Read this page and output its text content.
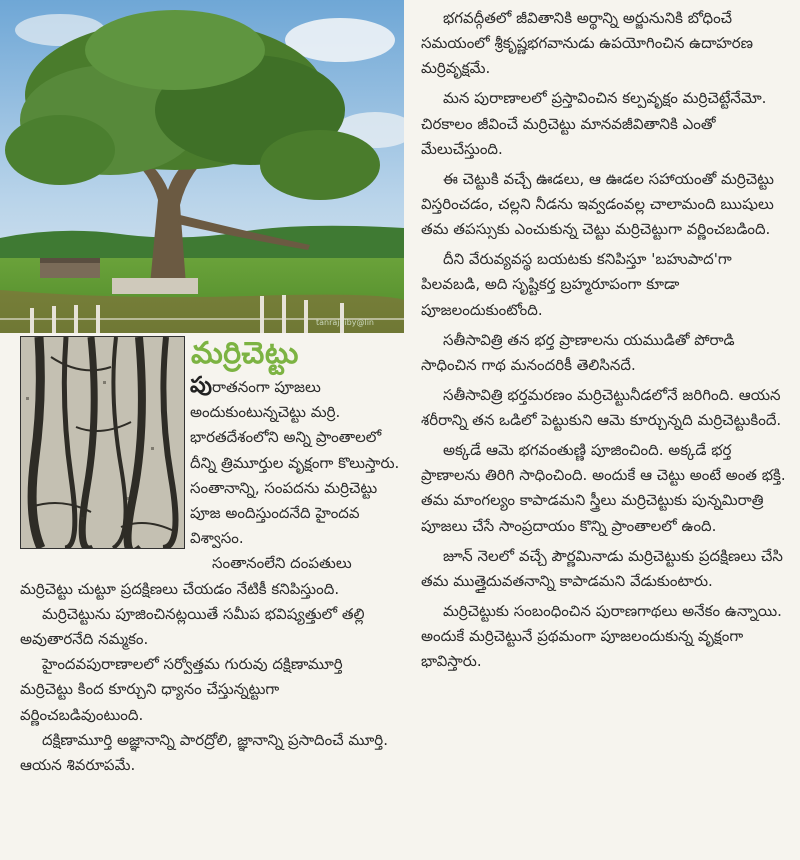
tanrajaiby@lin
మర్రిచెట్టు

పురాతనంగా పూజలు అందుకుంటున్నచెట్టు మర్రి. భారతదేశంలోని అన్ని ప్రాంతాలలో దీన్ని త్రిమూర్తుల వృక్షంగా కొలుస్తారు. సంతానాన్ని, సంపదను మర్రిచెట్టు పూజ అందిస్తుందనేది హైందవ విశ్వాసం.

సంతానంలేని దంపతులు మర్రిచెట్టు చుట్టూ ప్రదక్షిణలు చేయడం నేటికీ కనిపిస్తుంది.

మర్రిచెట్టును పూజించినట్లయితే సమీప భవిష్యత్తులో తల్లి అవుతారనేది నమ్మకం.

హైందవపురాణాలలో సర్వోత్తమ గురువు దక్షిణామూర్తి మర్రిచెట్టు కింద కూర్చుని ధ్యానం చేస్తున్నట్టుగా వర్ణించబడివుంటుంది.

దక్షిణామూర్తి అజ్ఞానాన్ని పారద్రోలి, జ్ఞానాన్ని ప్రసాదించే మూర్తి. ఆయన శివరూపమే.

భగవద్గీతలో జీవితానికి అర్థాన్ని అర్జునునికి బోధించే సమయంలో శ్రీకృష్ణభగవానుడు ఉపయోగించిన ఉదాహరణ మర్రివృక్షమే.

మన పురాణాలలో ప్రస్తావించిన కల్పవృక్షం మర్రిచెట్టేనేమో. చిరకాలం జీవించే మర్రిచెట్టు మానవజీవితానికి ఎంతో మేలుచేస్తుంది.

ఈ చెట్టుకి వచ్చే ఊడలు, ఆ ఊడల సహాయంతో మర్రిచెట్టు విస్తరించడం, చల్లని నీడను ఇవ్వడంవల్ల చాలామంది ఋషులు తమ తపస్సుకు ఎంచుకున్న చెట్టు మర్రిచెట్టుగా వర్ణించబడింది.

దీని వేరువ్యవస్థ బయటకు కనిపిస్తూ 'బహుపాద'గా పిలవబడి, అది సృష్టికర్త బ్రహ్మరూపంగా కూడా పూజలందుకుంటోంది.

సతీసావిత్రి తన భర్త ప్రాణాలను యముడితో పోరాడి సాధించిన గాథ మనందరికీ తెలిసినదే.

సతీసావిత్రి భర్తమరణం మర్రిచెట్టునీడలోనే జరిగింది. ఆయన శరీరాన్ని తన ఒడిలో పెట్టుకుని ఆమె కూర్చున్నది మర్రిచెట్టుకిందే.

అక్కడే ఆమె భగవంతుణ్ణి పూజించింది. అక్కడే భర్త ప్రాణాలను తిరిగి సాధించింది. అందుకే ఆ చెట్టు అంటే అంత భక్తి. తమ మాంగల్యం కాపాడమని స్త్రీలు మర్రిచెట్టుకు పున్నమిరాత్రి పూజలు చేసే సాంప్రదాయం కొన్ని ప్రాంతాలలో ఉంది.

జూన్ నెలలో వచ్చే పౌర్ణమినాడు మర్రిచెట్టుకు ప్రదక్షిణలు చేసి తమ ముత్తైదువతనాన్ని కాపాడమని వేడుకుంటారు.

మర్రిచెట్టుకు సంబంధించిన పురాణగాథలు అనేకం ఉన్నాయి. అందుకే మర్రిచెట్టునే ప్రథమంగా పూజలందుకున్న వృక్షంగా భావిస్తారు.
